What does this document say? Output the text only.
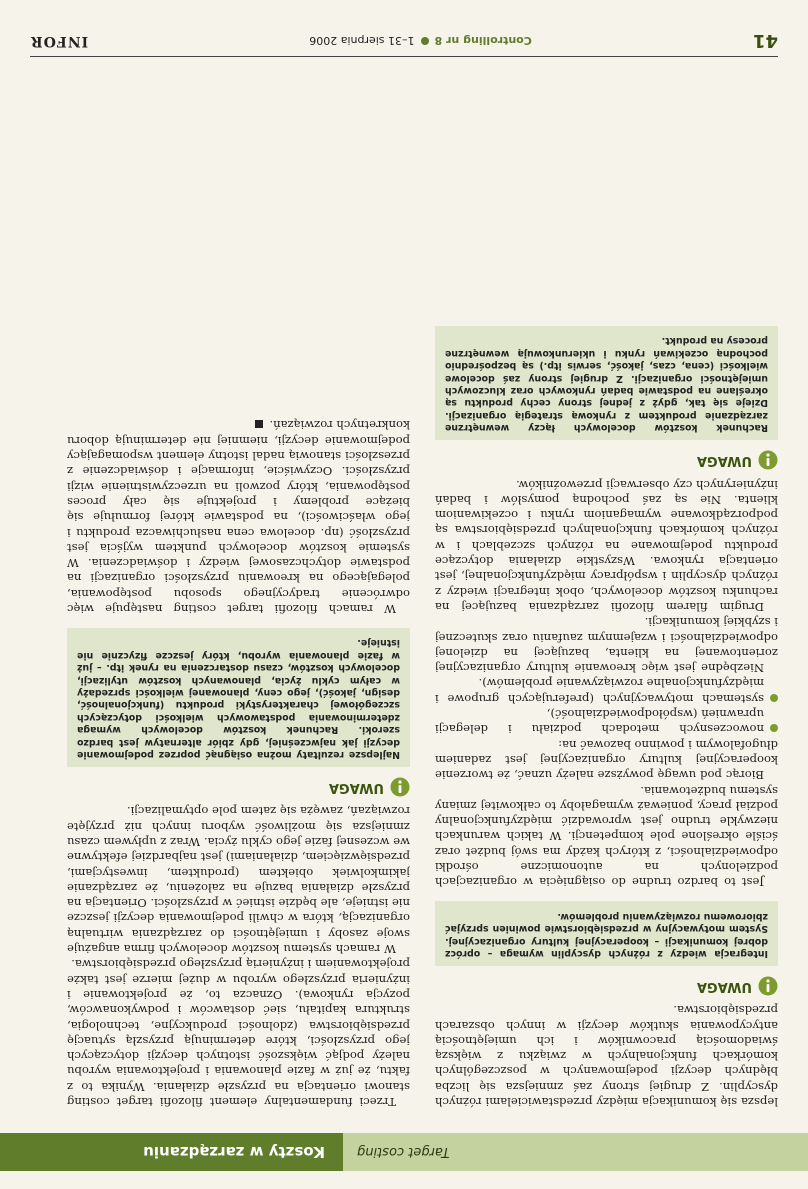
Target costing
Koszty w zarządzaniu

lepsza się komunikacja między przedstawicielami różnych dyscyplin. Z drugiej strony zaś zmniejsza się liczba błędnych decyzji podejmowanych w poszczególnych komórkach funkcjonalnych w związku z większą świadomością pracowników i ich umiejętnością antycypowania skutków decyzji w innych obszarach przedsiębiorstwa.

UWAGA
Integracja wiedzy z różnych dyscyplin wymaga – oprócz dobrej komunikacji – kooperacyjnej kultury organizacyjnej. System motywacyjny w przedsiębiorstwie powinien sprzyjać zbiorowemu rozwiązywaniu problemów.

Jest to bardzo trudne do osiągnięcia w organizacjach podzielonych na autonomiczne ośrodki odpowiedzialności, z których każdy ma swój budżet oraz ściśle określone pole kompetencji. W takich warunkach niezwykle trudno jest wprowadzić międzyfunkcjonalny podział pracy, ponieważ wymagałoby to całkowitej zmiany systemu budżetowania.

Biorąc pod uwagę powyższe należy uznać, że tworzenie kooperacyjnej kultury organizacyjnej jest zadaniem długofalowym i powinno bazować na:

nowoczesnych metodach podziału i delegacji uprawnień (współodpowiedzialność),
systemach motywacyjnych (preferujących grupowe i międzyfunkcjonalne rozwiązywanie problemów).

Niezbędne jest więc kreowanie kultury organizacyjnej zorientowanej na klienta, bazującej na dzielonej odpowiedzialności i wzajemnym zaufaniu oraz skutecznej i szybkiej komunikacji.

Drugim filarem filozofii zarządzania bazującej na rachunku kosztów docelowych, obok integracji wiedzy z różnych dyscyplin i współpracy międzyfunkcjonalnej, jest orientacja rynkowa. Wszystkie działania dotyczące produktu podejmowane na różnych szczeblach i w różnych komórkach funkcjonalnych przedsiębiorstwa są podporządkowane wymaganiom rynku i oczekiwaniom klienta. Nie są zaś pochodną pomysłów i badań inżynierynych czy obserwacji przewoźników.

UWAGA
Rachunek kosztów docelowych łączy wewnętrzne zarządzanie produktem z rynkową strategią organizacji. Dzieje się tak, gdyż z jednej strony cechy produktu są określane na podstawie badań rynkowych oraz kluczowych umiejętności organizacji. Z drugiej strony zaś docelowe wielkości (cena, czas, jakość, serwis itp.) są bezpośrednio pochodną oczekiwań rynku i ukierunkowują wewnętrzne procesy na produkt.

Trzeci fundamentalny element filozofii target costing stanowi orientacja na przyszłe działania. Wynika to z faktu, że już w fazie planowania i projektowania wyrobu należy podjąć większość istotnych decyzji dotyczących jego przyszłości, które determinują przyszłą sytuację przedsiębiorstwa (zdolności produkcyjne, technologia, struktura kapitału, sieć dostawców i podwykonawców, pozycja rynkowa). Oznacza to, że projektowanie i inżynieria przyszłego wyrobu w dużej mierze jest także projektowaniem i inżynierią przyszłego przedsiębiorstwa.

W ramach systemu kosztów docelowych firma angażuje swoje zasoby i umiejętności do zarządzania wirtualną organizacją, która w chwili podejmowania decyzji jeszcze nie istnieje, ale będzie istnieć w przyszłości. Orientacja na przyszłe działania bazuje na założeniu, że zarządzanie jakimkolwiek obiektem (produktem, inwestycjami, przedsięwzięciem, działaniami) jest najbardziej efektywne we wczesnej fazie jego cyklu życia. Wraz z upływem czasu zmniejsza się możliwość wyboru innych niż przyjęte rozwiązań, zawęża się zatem pole optymalizacji.

UWAGA
Najlepsze rezultaty można osiągnąć poprzez podejmowanie decyzji jak najwcześniej, gdy zbiór alternatyw jest bardzo szeroki. Rachunek kosztów docelowych wymaga zdeterminowania podstawowych wielkości dotyczących szczegółowej charakterystyki produktu (funkcjonalność, design, jakość), jego ceny, planowanej wielkości sprzedaży w całym cyklu życia, planowanych kosztów utylizacji, docelowych kosztów, czasu dostarczenia na rynek itp. – już w fazie planowania wyrobu, który jeszcze fizycznie nie istnieje.

W ramach filozofii target costing następuje więc odwrócenie tradycyjnego sposobu postępowania, polegającego na kreowaniu przyszłości organizacji na podstawie dotychczasowej wiedzy i doświadczenia. W systemie kosztów docelowych punktem wyjścia jest przyszłość (np. docelowa cena nasłuchiwacza produktu i jego właściwości), na podstawie której formułuje się bieżące problemy i projektuje się cały proces postępowania, który pozwoli na urzeczywistnienie wizji przyszłości. Oczywiście, informacje i doświadczenie z przeszłości stanowią nadal istotny element wspomagający podejmowanie decyzji, niemniej nie determinują doboru konkretnych rozwiązań.

41
Controlling nr 8
1–31 sierpnia 2006
INFOR
